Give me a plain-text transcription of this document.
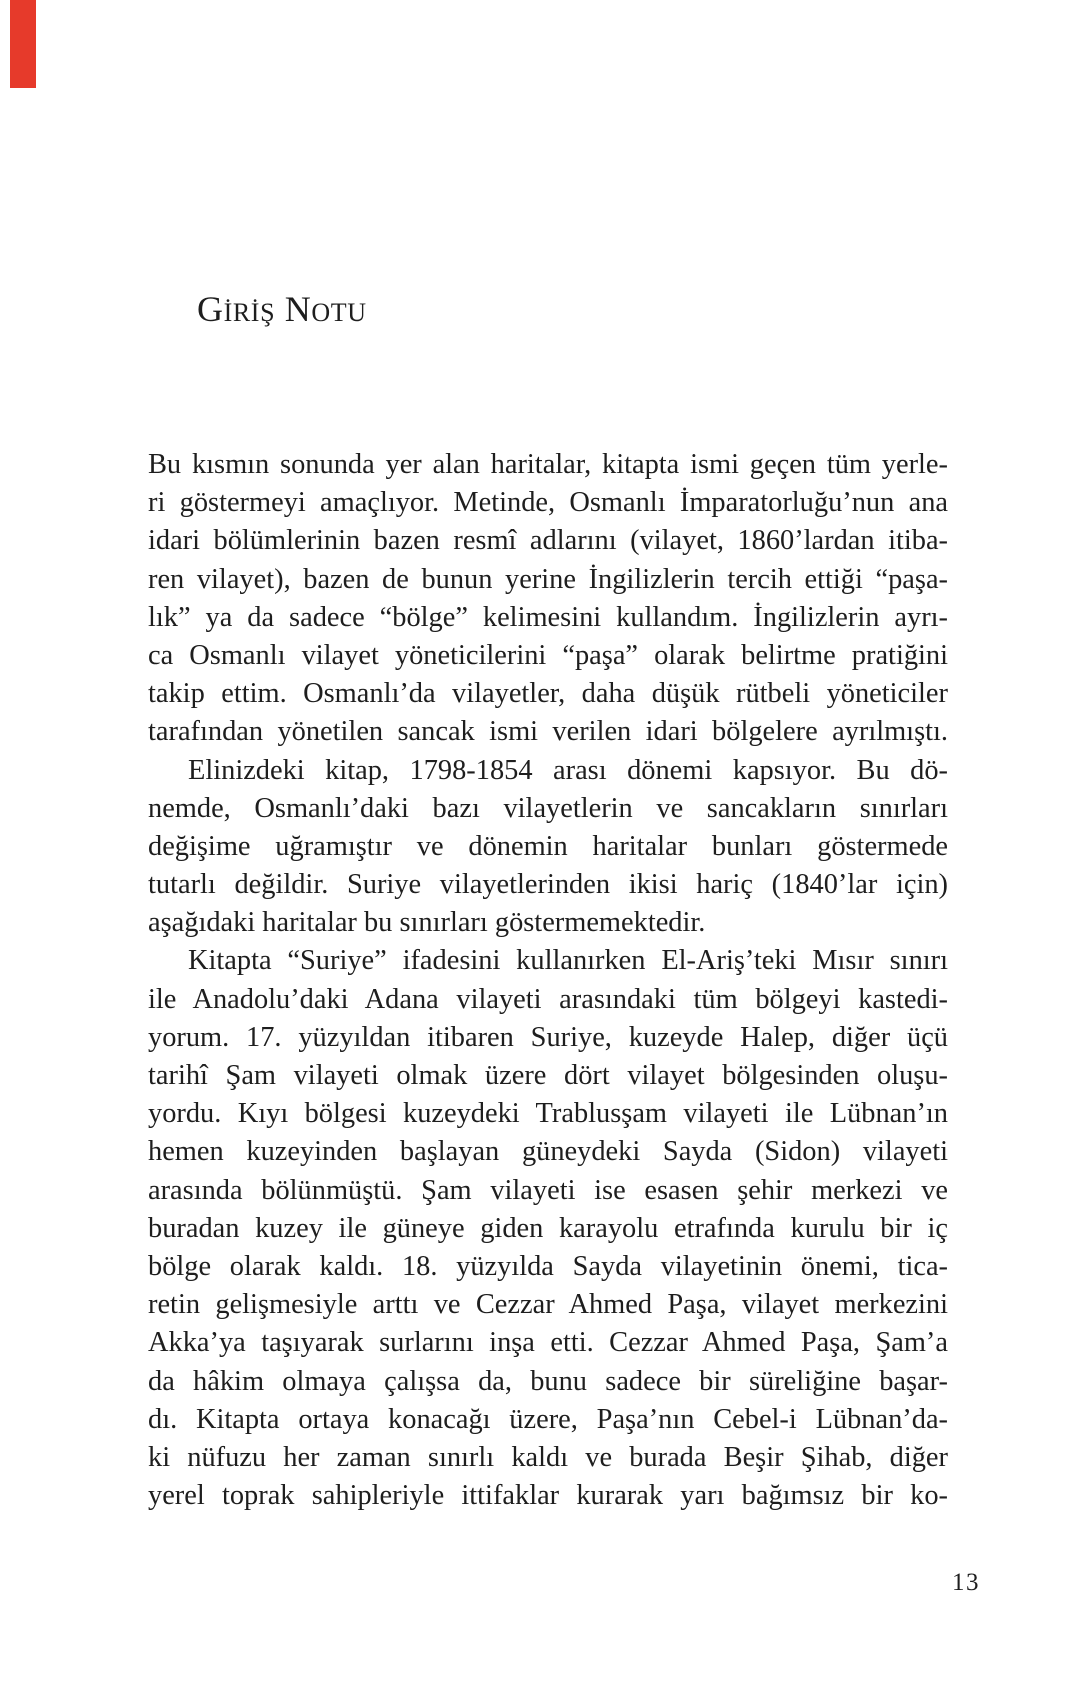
GİRİŞ NOTU
Bu kısmın sonunda yer alan haritalar, kitapta ismi geçen tüm yerle-
ri göstermeyi amaçlıyor. Metinde, Osmanlı İmparatorluğu’nun ana
idari bölümlerinin bazen resmî adlarını (vilayet, 1860’lardan itiba-
ren vilayet), bazen de bunun yerine İngilizlerin tercih ettiği “paşa-
lık” ya da sadece “bölge” kelimesini kullandım. İngilizlerin ayrı-
ca Osmanlı vilayet yöneticilerini “paşa” olarak belirtme pratiğini
takip ettim. Osmanlı’da vilayetler, daha düşük rütbeli yöneticiler
tarafından yönetilen sancak ismi verilen idari bölgelere ayrılmıştı.
Elinizdeki kitap, 1798-1854 arası dönemi kapsıyor. Bu dö-
nemde, Osmanlı’daki bazı vilayetlerin ve sancakların sınırları
değişime uğramıştır ve dönemin haritalar bunları göstermede
tutarlı değildir. Suriye vilayetlerinden ikisi hariç (1840’lar için)
aşağıdaki haritalar bu sınırları göstermemektedir.
Kitapta “Suriye” ifadesini kullanırken El-Ariş’teki Mısır sınırı
ile Anadolu’daki Adana vilayeti arasındaki tüm bölgeyi kastedi-
yorum. 17. yüzyıldan itibaren Suriye, kuzeyde Halep, diğer üçü
tarihî Şam vilayeti olmak üzere dört vilayet bölgesinden oluşu-
yordu. Kıyı bölgesi kuzeydeki Trablusşam vilayeti ile Lübnan’ın
hemen kuzeyinden başlayan güneydeki Sayda (Sidon) vilayeti
arasında bölünmüştü. Şam vilayeti ise esasen şehir merkezi ve
buradan kuzey ile güneye giden karayolu etrafında kurulu bir iç
bölge olarak kaldı. 18. yüzyılda Sayda vilayetinin önemi, tica-
retin gelişmesiyle arttı ve Cezzar Ahmed Paşa, vilayet merkezini
Akka’ya taşıyarak surlarını inşa etti. Cezzar Ahmed Paşa, Şam’a
da hâkim olmaya çalışsa da, bunu sadece bir süreliğine başar-
dı. Kitapta ortaya konacağı üzere, Paşa’nın Cebel-i Lübnan’da-
ki nüfuzu her zaman sınırlı kaldı ve burada Beşir Şihab, diğer
yerel toprak sahipleriyle ittifaklar kurarak yarı bağımsız bir ko-
13
